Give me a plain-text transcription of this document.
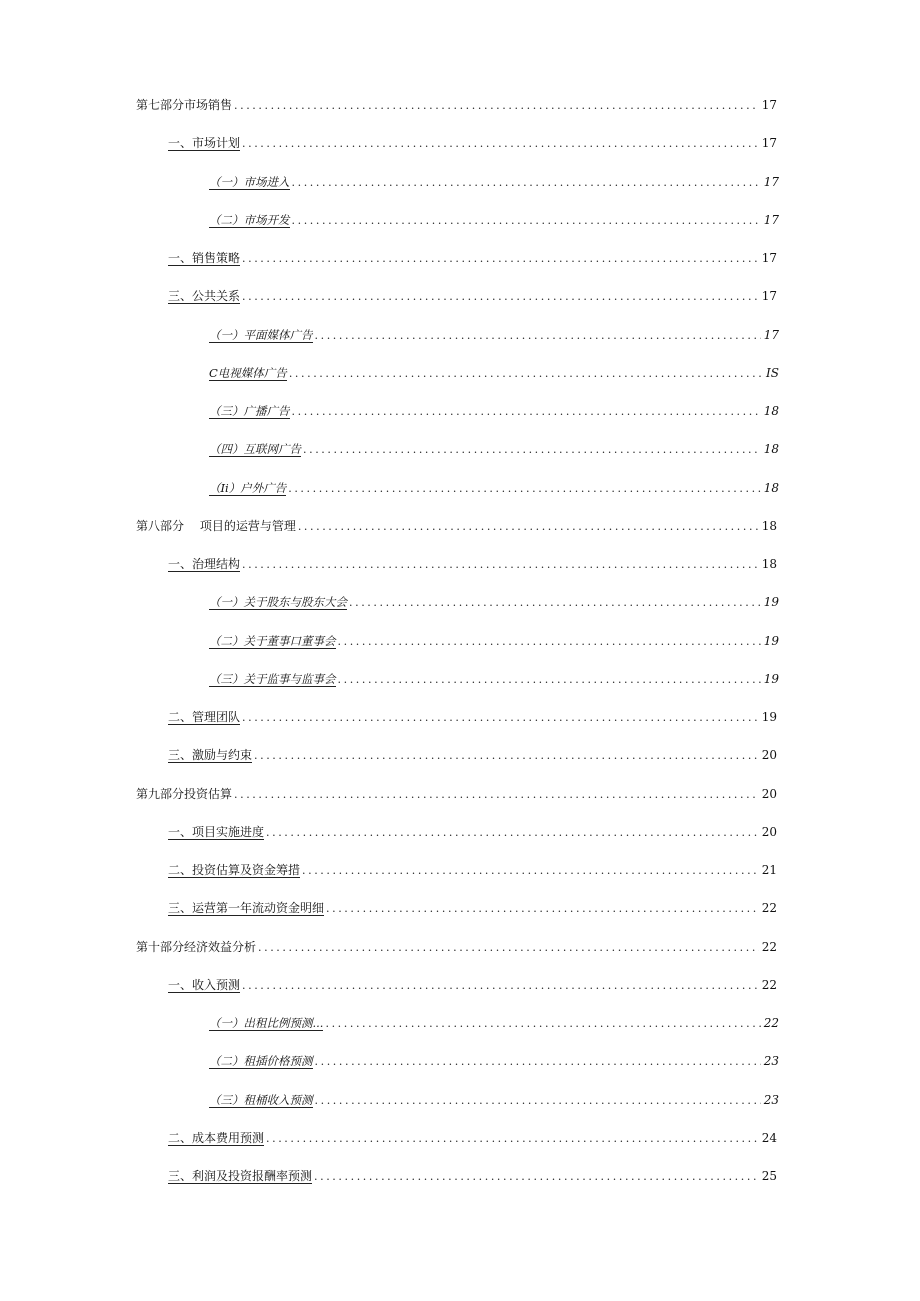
第七部分市场销售 .....	17
一、市场计划 .....	17
（一）市场进入 .....	17
（二）市场开发 .....	17
一、销售策略 .....	17
三、公共关系 .....	17
（一）平面媒体广告 .....	17
C电视媒体广告 .....	IS
（三）广播广告 .....	18
（四）互联网广告 .....	18
（Ii）户外广告 .....	18
第八部分　 项目的运营与管理 .....	18
一、治理结构 .....	18
（一）关于股东与股东大会 .....	19
（二）关于董事口董事会 .....	19
（三）关于监事与监事会 .....	19
二、管理团队 .....	19
三、激励与约束 .....	20
第九部分投资估算 .....	20
一、项目实施进度 .....	20
二、投资估算及资金筹措 .....	21
三、运营第一年流动资金明细 .....	22
第十部分经济效益分析 .....	22
一、收入预测 .....	22
（一）出租比例预测... .....	22
（二）租插价格预测 .....	23
（三）租桶收入预测 .....	23
二、成本费用预测 .....	24
三、利润及投资报酬率预测 .....	25
